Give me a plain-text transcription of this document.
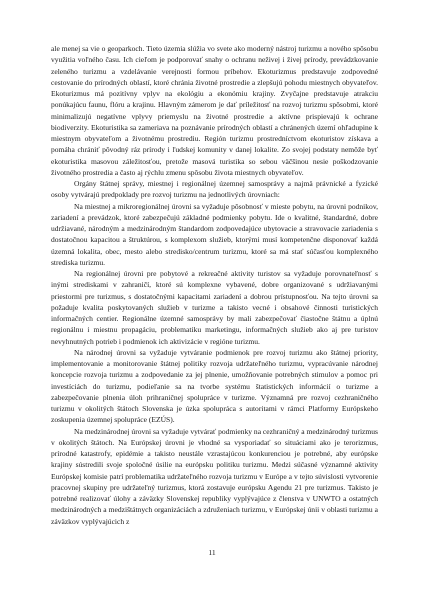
ale menej sa vie o geoparkoch. Tieto územia slúžia vo svete ako moderný nástroj turizmu a nového spôsobu využitia voľného času. Ich cieľom je podporovať snahy o ochranu neživej i živej prírody, prevádzkovanie zeleného turizmu a vzdelávanie verejnosti formou príbehov. Ekoturizmus predstavuje zodpovedné cestovanie do prírodných oblastí, ktoré chránia životné prostredie a zlepšujú pohodu miestnych obyvateľov. Ekoturizmus má pozitívny vplyv na ekológiu a ekonómiu krajiny. Zvyčajne predstavuje atrakciu ponúkajúcu faunu, flóru a krajinu. Hlavným zámerom je dať príležitosť na rozvoj turizmu spôsobmi, ktoré minimalizujú negatívne vplyvy priemyslu na životné prostredie a aktívne prispievajú k ochrane biodiverzity. Ekoturistika sa zameriava na poznávanie prírodných oblastí a chránených území ohľadupine k miestnym obyvateľom a životnému prostrediu. Región turizmu prostredníctvom ekoturistov získava a pomáha chrániť pôvodný ráz prírody i ľudskej komunity v danej lokalite. Zo svojej podstaty nemôže byť ekoturistika masovou záležitosťou, pretože masová turistika so sebou väčšinou nesie poškodzovanie životného prostredia a často aj rýchlu zmenu spôsobu života miestnych obyvateľov.

Orgány štátnej správy, miestnej i regionálnej územnej samosprávy a najmä právnické a fyzické osoby vytvárajú predpoklady pre rozvoj turizmu na jednotlivých úrovniach:

Na miestnej a mikroregionálnej úrovni sa vyžaduje pôsobnosť v mieste pobytu, na úrovni podnikov, zariadení a prevádzok, ktoré zabezpečujú základné podmienky pobytu. Ide o kvalitné, štandardné, dobre udržiavané, národným a medzinárodným štandardom zodpovedajúce ubytovacie a stravovacie zariadenia s dostatočnou kapacitou a štruktúrou, s komplexom služieb, ktorými musí kompetenčne disponovať každá územná lokalita, obec, mesto alebo stredisko/centrum turizmu, ktoré sa má stať súčasťou komplexného strediska turizmu.

Na regionálnej úrovni pre pobytové a rekreačné aktivity turistov sa vyžaduje porovnateľnosť s inými strediskami v zahraničí, ktoré sú komplexne vybavené, dobre organizované s udržiavanými priestormi pre turizmus, s dostatočnými kapacitami zariadení a dobrou prístupnosťou. Na tejto úrovni sa požaduje kvalita poskytovaných služieb v turizme a takisto vecné i obsahové činnosti turistických informačných centier. Regionálne územné samosprávy by mali zabezpečovať čiastočne štátnu a úplnú regionálnu i miestnu propagáciu, problematiku marketingu, informačných služieb ako aj pre turistov nevyhnutných potrieb i podmienok ich aktivizácie v regióne turizmu.

Na národnej úrovni sa vyžaduje vytváranie podmienok pre rozvoj turizmu ako štátnej priority, implementovanie a monitorovanie štátnej politiky rozvoja udržateľného turizmu, vypracúvanie národnej koncepcie rozvoja turizmu a zodpovedanie za jej plnenie, umožňovanie potrebných stimulov a pomoc pri investíciách do turizmu, podieľanie sa na tvorbe systému štatistických informácií o turizme a zabezpečovanie plnenia úloh prihraničnej spolupráce v turizme. Významná pre rozvoj cezhraničného turizmu v okolitých štátoch Slovenska je úzka spolupráca s autoritami v rámci Platformy Európskeho zoskupenia územnej spolupráce (EZÚS).

Na medzinárodnej úrovni sa vyžaduje vytvárať podmienky na cezhraničný a medzinárodný turizmus v okolitých štátoch. Na Európskej úrovni je vhodné sa vysporiadať so situáciami ako je terorizmus, prírodné katastrofy, epidémie a takisto neustále vzrastajúcou konkurenciou je potrebné, aby európske krajiny sústredili svoje spoločné úsilie na európsku politiku turizmu. Medzi súčasné významné aktivity Európskej komisie patrí problematika udržateľného rozvoja turizmu v Európe a v tejto súvislosti vytvorenie pracovnej skupiny pre udržateľný turizmus, ktorá zostavuje európsku Agendu 21 pre turizmus. Takisto je potrebné realizovať úlohy a záväzky Slovenskej republiky vyplývajúce z členstva v UNWTO a ostatných medzinárodných a medzištátnych organizáciách a združeniach turizmu, v Európskej únii v oblasti turizmu a záväzkov vyplývajúcich z

11
